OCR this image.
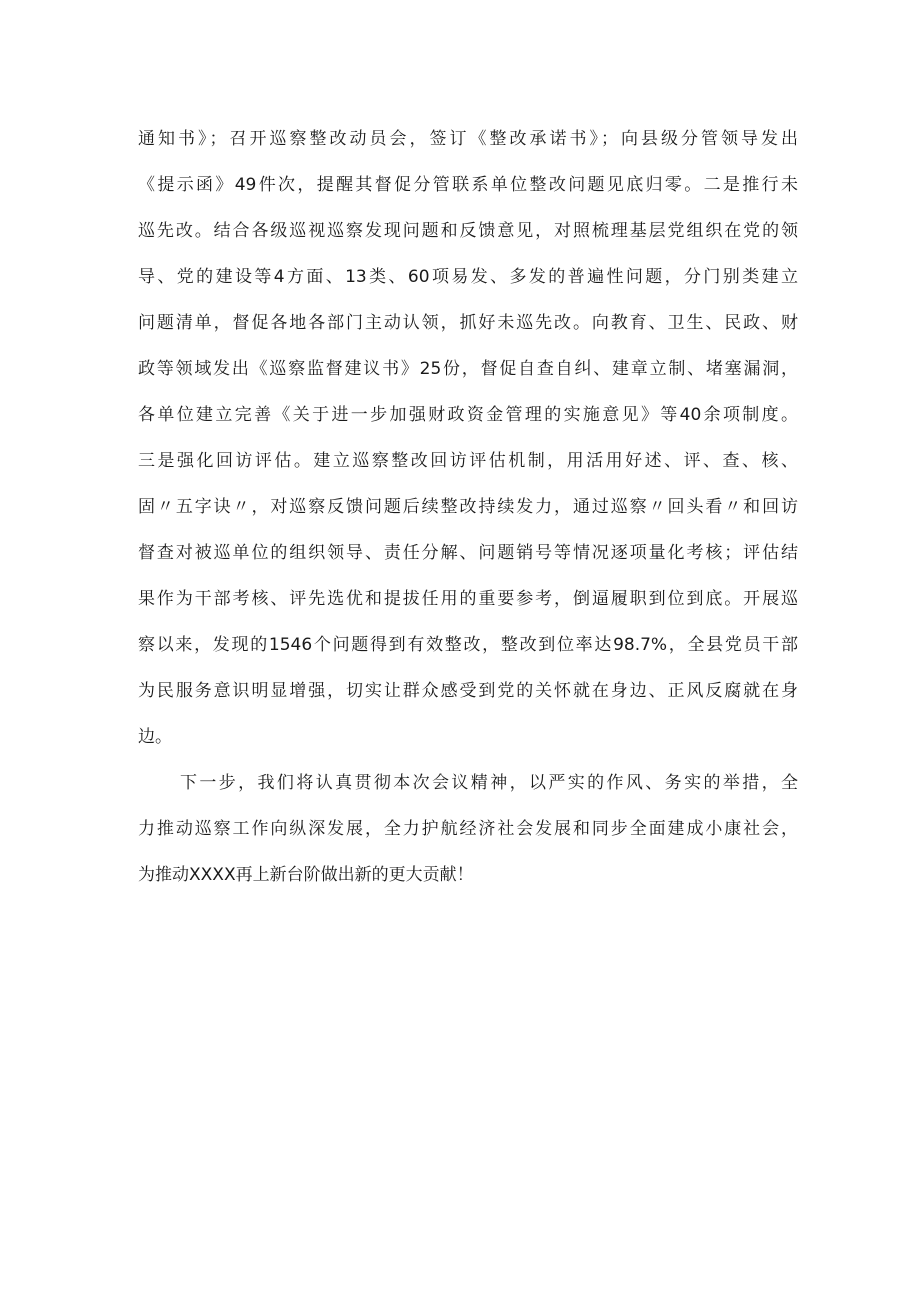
通知书》；召开巡察整改动员会，签订《整改承诺书》；向县级分管领导发出
《提示函》49件次，提醒其督促分管联系单位整改问题见底归零。二是推行未
巡先改。结合各级巡视巡察发现问题和反馈意见，对照梳理基层党组织在党的领
导、党的建设等4方面、13类、60项易发、多发的普遍性问题，分门别类建立
问题清单，督促各地各部门主动认领，抓好未巡先改。向教育、卫生、民政、财
政等领域发出《巡察监督建议书》25份，督促自查自纠、建章立制、堵塞漏洞，
各单位建立完善《关于进一步加强财政资金管理的实施意见》等40余项制度。
三是强化回访评估。建立巡察整改回访评估机制，用活用好述、评、查、核、
固〃五字诀〃，对巡察反馈问题后续整改持续发力，通过巡察〃回头看〃和回访
督查对被巡单位的组织领导、责任分解、问题销号等情况逐项量化考核；评估结
果作为干部考核、评先选优和提拔任用的重要参考，倒逼履职到位到底。开展巡
察以来，发现的1546个问题得到有效整改，整改到位率达98.7%，全县党员干部
为民服务意识明显增强，切实让群众感受到党的关怀就在身边、正风反腐就在身
边。
下一步，我们将认真贯彻本次会议精神，以严实的作风、务实的举措，全
力推动巡察工作向纵深发展，全力护航经济社会发展和同步全面建成小康社会，
为推动XXXX再上新台阶做出新的更大贡献！
